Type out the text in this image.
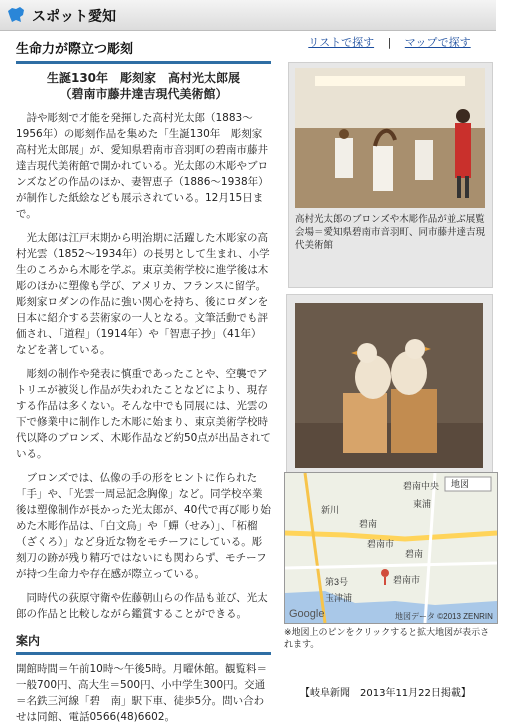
スポット愛知
生命力が際立つ彫刻
生誕130年　彫刻家　高村光太郎展
（碧南市藤井達吉現代美術館）

詩や彫刻で才能を発揮した高村光太郎（1883〜1956年）の彫刻作品を集めた「生誕130年　彫刻家高村光太郎展」が、愛知県碧南市音羽町の碧南市藤井達吉現代美術館で開かれている。光太郎の木彫やブロンズなどの作品のほか、妻智恵子（1886〜1938年）が制作した紙絵なども展示されている。12月15日まで。

光太郎は江戸末期から明治期に活躍した木彫家の高村光雲（1852〜1934年）の長男として生まれ、小学生のころから木彫を学ぶ。東京美術学校に進学後は木彫のほかに塑像も学び、アメリカ、フランスに留学。彫刻家ロダンの作品に強い関心を持ち、後にロダンを日本に紹介する芸術家の一人となる。文筆活動でも評価され、「道程」（1914年）や「智恵子抄」（41年）などを著している。

彫刻の制作や発表に慎重であったことや、空襲でアトリエが被災し作品が失われたことなどにより、現存する作品は多くない。そんな中でも同展には、光雲の下で修業中に制作した木彫に始まり、東京美術学校時代以降のブロンズ、木彫作品など約50点が出品されている。

ブロンズでは、仏像の手の形をヒントに作られた「手」や、「光雲一周忌記念胸像」など。同学校卒業後は塑像制作が長かった光太郎が、40代で再び彫り始めた木彫作品は、「白文鳥」や「蟬（せみ）」、「柘榴（ざくろ）」など身近な物をモチーフにしている。彫刻刀の跡が残り精巧ではないにも関わらず、モチーフが持つ生命力や存在感が際立っている。

同時代の荻原守衛や佐藤朝山らの作品も並び、光太郎の作品と比較しながら鑑賞することができる。

案内
開館時間＝午前10時〜午後5時。月曜休館。観覧料＝一般700円、高大生＝500円、小中学生300円。交通＝名鉄三河線「碧　南」駅下車、徒歩5分。問い合わせは同館、電話0566(48)6602。
リストで探す | マップで探す
高村光太郎のブロンズや木彫作品が並ぶ展覧会場＝愛知県碧南市音羽町、同市藤井達吉現代美術館
碧南中央
碧南
碧南市
東浦
碧南
碧南市
新川
玉津浦
第3号
Google	地図データ ©2013 ZENRIN
地図
※地図上のピンをクリックすると拡大地図が表示されます。
【岐阜新聞　2013年11月22日掲載】
